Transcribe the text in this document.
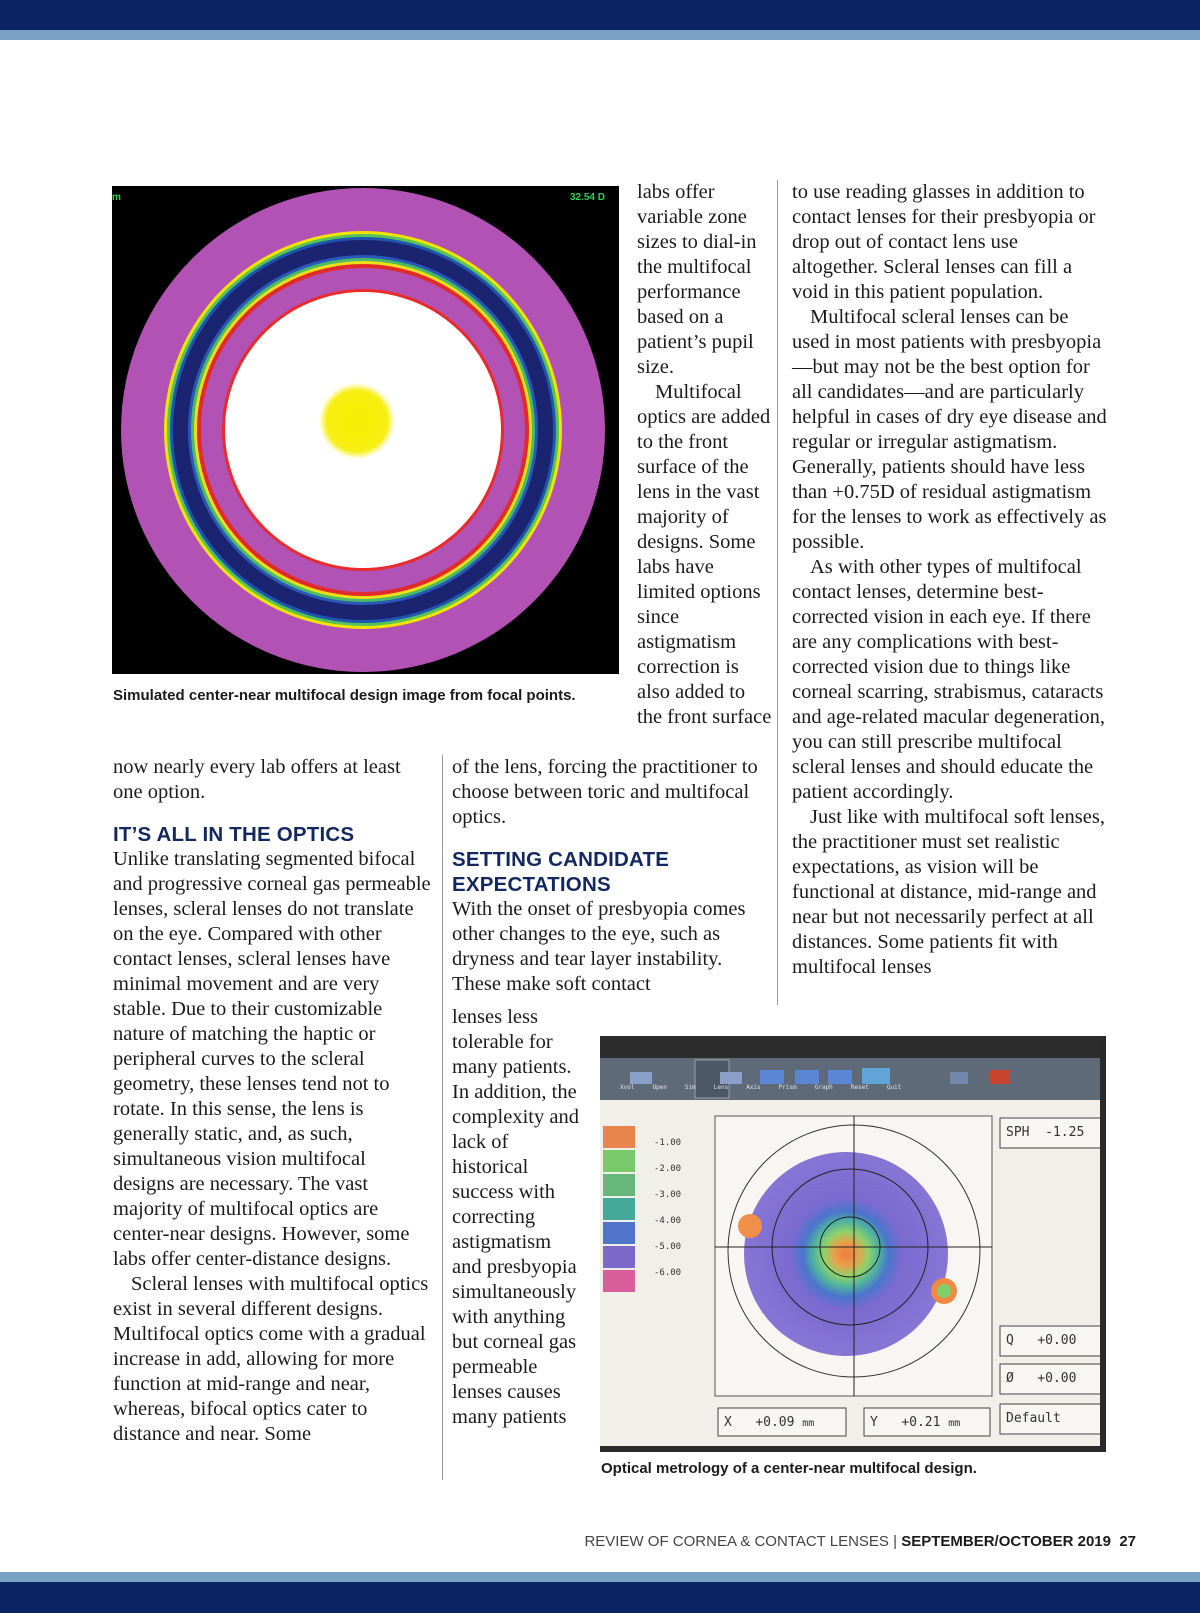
m	32.54 D
Simulated center-near multifocal design image from focal points.

labs offer variable zone sizes to dial-in the multifocal performance based on a patient’s pupil size.

Multifocal optics are added to the front surface of the lens in the vast majority of designs. Some labs have limited options since astigmatism correction is also added to the front surface

to use reading glasses in addition to contact lenses for their presbyopia or drop out of contact lens use altogether. Scleral lenses can fill a void in this patient population.

Multifocal scleral lenses can be used in most patients with presbyopia—but may not be the best option for all candidates—and are particularly helpful in cases of dry eye disease and regular or irregular astigmatism. Generally, patients should have less than +0.75D of residual astigmatism for the lenses to work as effectively as possible.

As with other types of multifocal contact lenses, determine best-corrected vision in each eye. If there are any complications with best-corrected vision due to things like corneal scarring, strabismus, cataracts and age-related macular degeneration, you can still prescribe multifocal scleral lenses and should educate the patient accordingly.

Just like with multifocal soft lenses, the practitioner must set realistic expectations, as vision will be functional at distance, mid-range and near but not necessarily perfect at all distances. Some patients fit with multifocal lenses

now nearly every lab offers at least one option.

IT’S ALL IN THE OPTICS

Unlike translating segmented bifocal and progressive corneal gas permeable lenses, scleral lenses do not translate on the eye. Compared with other contact lenses, scleral lenses have minimal movement and are very stable. Due to their customizable nature of matching the haptic or peripheral curves to the scleral geometry, these lenses tend not to rotate. In this sense, the lens is generally static, and, as such, simultaneous vision multifocal designs are necessary. The vast majority of multifocal optics are center-near designs. However, some labs offer center-distance designs.

Scleral lenses with multifocal optics exist in several different designs. Multifocal optics come with a gradual increase in add, allowing for more function at mid-range and near, whereas, bifocal optics cater to distance and near. Some

of the lens, forcing the practitioner to choose between toric and multifocal optics.

SETTING CANDIDATE EXPECTATIONS

With the onset of presbyopia comes other changes to the eye, such as dryness and tear layer instability. These make soft contact

lenses less tolerable for many patients. In addition, the complexity and lack of historical success with correcting astigmatism and presbyopia simultaneously with anything but corneal gas permeable lenses causes many patients

Xvol	Open	Sim	Lens	Axis	Prism	Graph	Reset	Quit
-1.00
-2.00
-3.00
-4.00
-5.00
-6.00
SPH -1.25
Q +0.00
Ø +0.00
Default
X +0.09 mm	Y +0.21 mm
Optical metrology of a center-near multifocal design.
REVIEW OF CORNEA & CONTACT LENSES | SEPTEMBER/OCTOBER 2019 27
